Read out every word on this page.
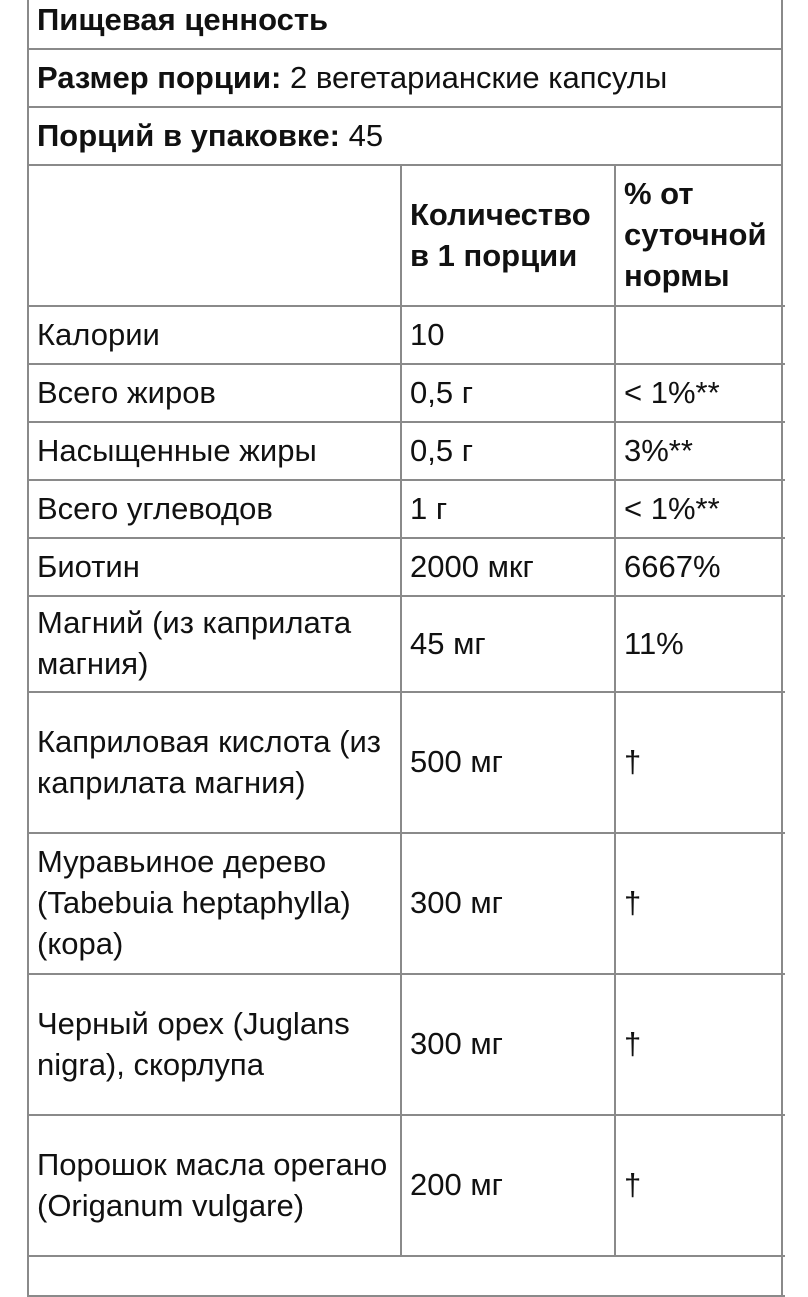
Пищевая ценность
Размер порции:
2 вегетарианские капсулы
Порций в упаковке:
45
	Количество в 1 порции	% от суточной нормы
Калории	10	
Всего жиров	0,5 г	< 1%**
Насыщенные жиры	0,5 г	3%**
Всего углеводов	1 г	< 1%**
Биотин	2000 мкг	6667%
Магний (из каприлата магния)	45 мг	11%
Каприловая кислота (из каприлата магния)	500 мг	†
Муравьиное дерево (Tabebuia heptaphylla) (кора)	300 мг	†
Черный орех (Juglans nigra), скорлупа	300 мг	†
Порошок масла орегано (Origanum vulgare)	200 мг	†
